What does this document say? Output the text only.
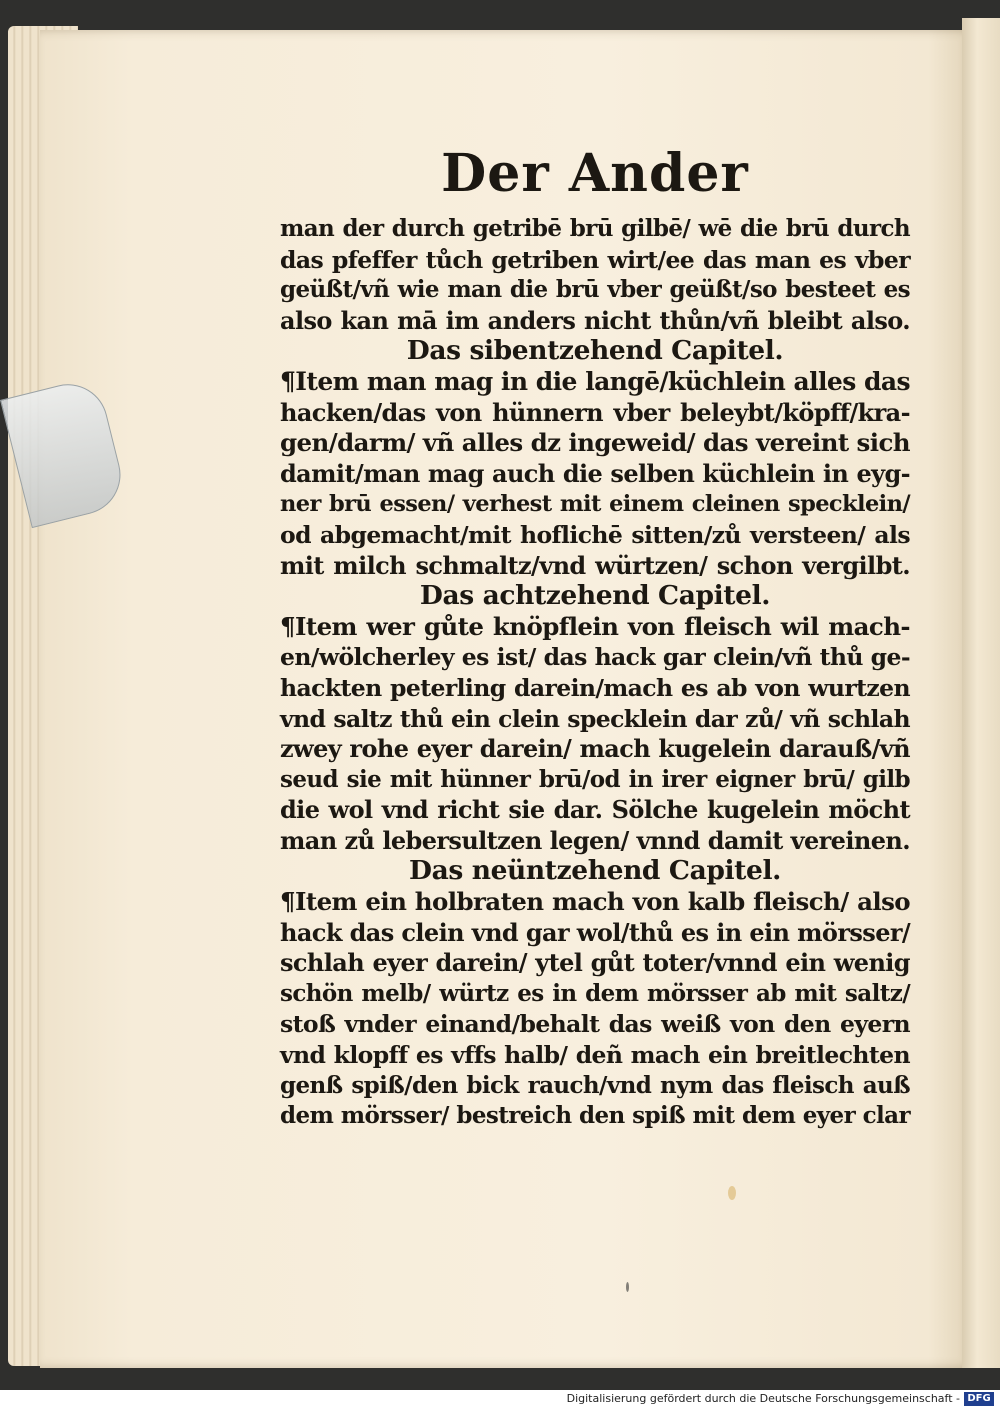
Der Ander
man der durch getribē brū gilbē/ wē die brū durch
das pfeffer tůch getriben wirt/ee das man es vber
geüßt/vñ wie man die brū vber geüßt/so besteet es
also kan mā im anders nicht thůn/vñ bleibt also.
Das sibentzehend Capitel.
¶Item man mag in die langē/küchlein alles das
hacken/das von hünnern vber beleybt/köpff/kra-
gen/darm/ vñ alles dz ingeweid/ das vereint sich
damit/man mag auch die selben küchlein in eyg-
ner brū essen/ verhest mit einem cleinen specklein/
od abgemacht/mit hoflichē sitten/zů versteen/ als
mit milch schmaltz/vnd würtzen/ schon vergilbt.
Das achtzehend Capitel.
¶Item wer gůte knöpflein von fleisch wil mach-
en/wölcherley es ist/ das hack gar clein/vñ thů ge-
hackten peterling darein/mach es ab von wurtzen
vnd saltz thů ein clein specklein dar zů/ vñ schlah
zwey rohe eyer darein/ mach kugelein darauß/vñ
seud sie mit hünner brū/od in irer eigner brū/ gilb
die wol vnd richt sie dar. Sölche kugelein möcht
man zů lebersultzen legen/ vnnd damit vereinen.
Das neüntzehend Capitel.
¶Item ein holbraten mach von kalb fleisch/ also
hack das clein vnd gar wol/thů es in ein mörsser/
schlah eyer darein/ ytel gůt toter/vnnd ein wenig
schön melb/ würtz es in dem mörsser ab mit saltz/
stoß vnder einand/behalt das weiß von den eyern
vnd klopff es vffs halb/ deñ mach ein breitlechten
genß spiß/den bick rauch/vnd nym das fleisch auß
dem mörsser/ bestreich den spiß mit dem eyer clar
Digitalisierung gefördert durch die Deutsche Forschungsgemeinschaft - DFG
